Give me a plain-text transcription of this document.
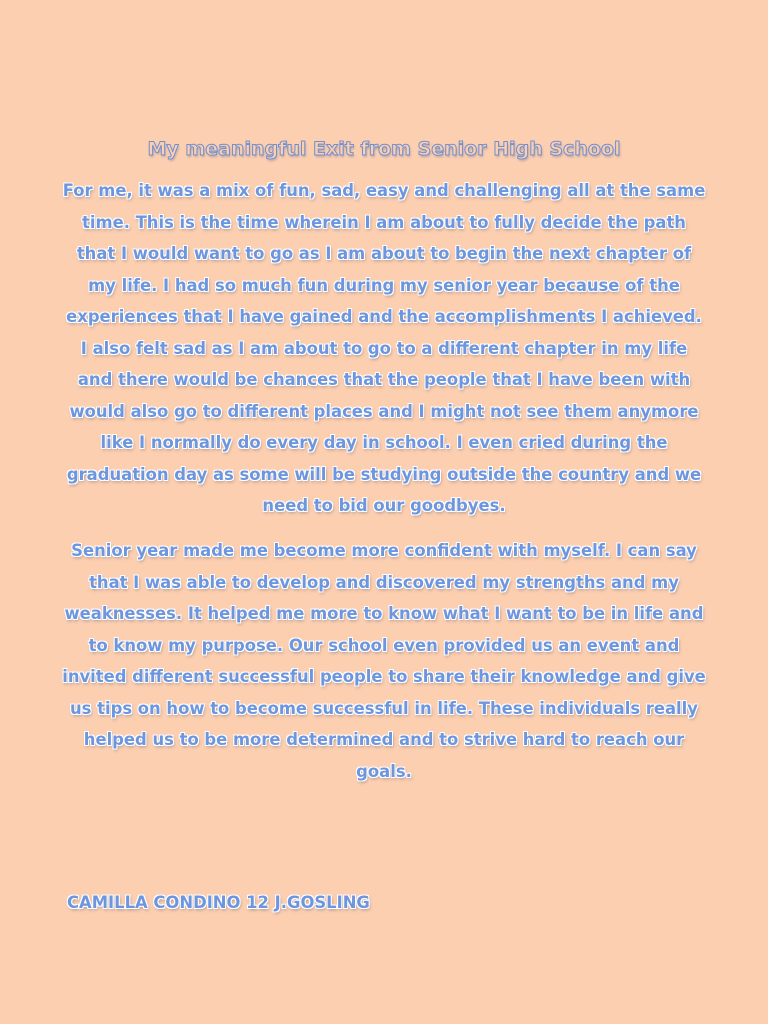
My meaningful Exit from Senior High School

For me, it was a mix of fun, sad, easy and challenging all at the same time. This is the time wherein I am about to fully decide the path that I would want to go as I am about to begin the next chapter of my life. I had so much fun during my senior year because of the experiences that I have gained and the accomplishments I achieved. I also felt sad as I am about to go to a different chapter in my life and there would be chances that the people that I have been with would also go to different places and I might not see them anymore like I normally do every day in school. I even cried during the graduation day as some will be studying outside the country and we need to bid our goodbyes.

Senior year made me become more confident with myself. I can say that I was able to develop and discovered my strengths and my weaknesses. It helped me more to know what I want to be in life and to know my purpose. Our school even provided us an event and invited different successful people to share their knowledge and give us tips on how to become successful in life. These individuals really helped us to be more determined and to strive hard to reach our goals.

CAMILLA CONDINO 12 J.GOSLING
